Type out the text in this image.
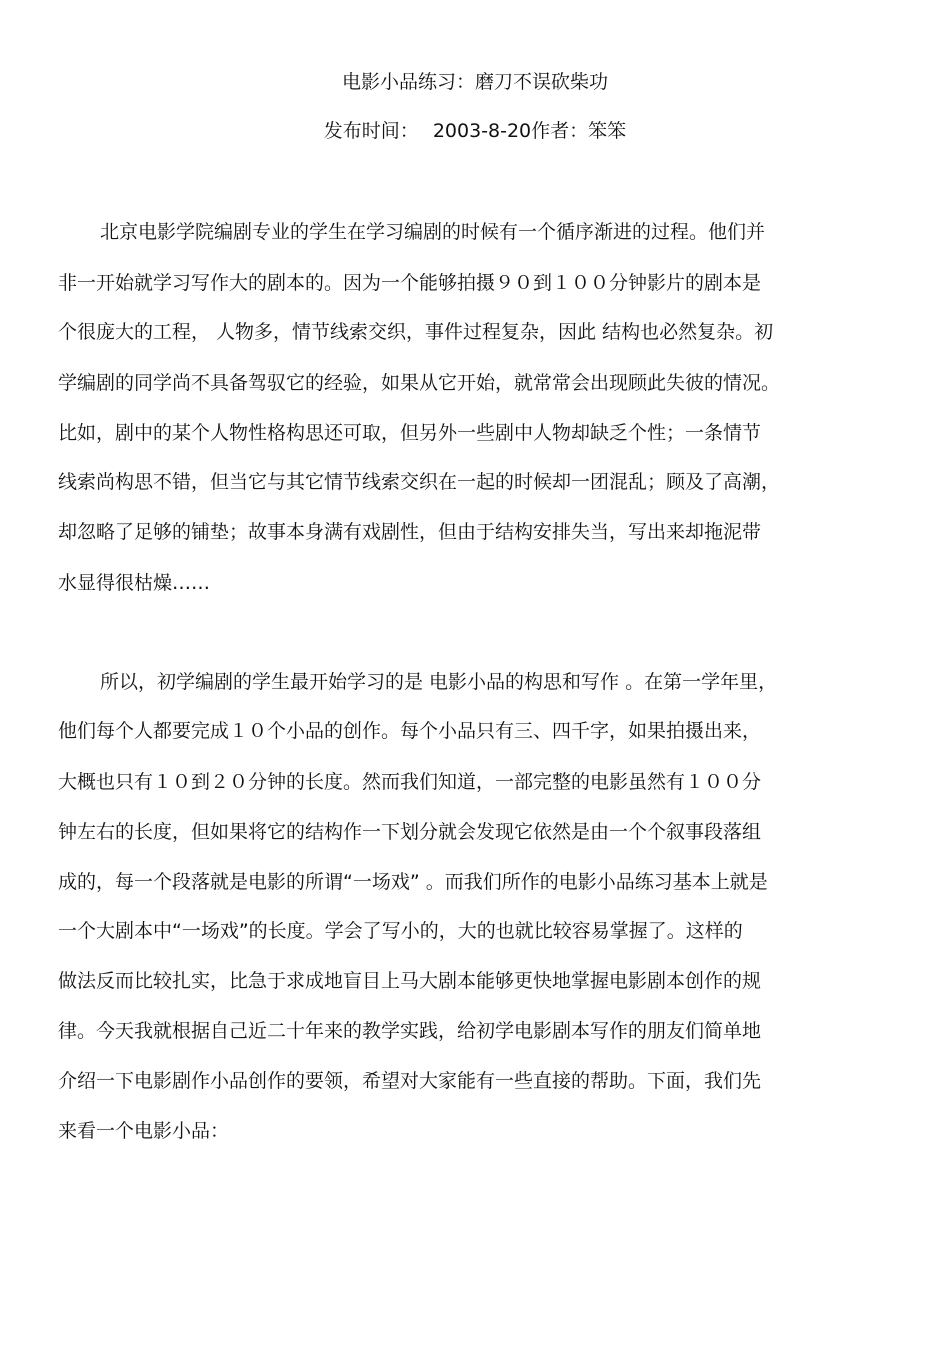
电影小品练习：磨刀不误砍柴功
发布时间： 2003-8-20作者：笨笨
北京电影学院编剧专业的学生在学习编剧的时候有一个循序渐进的过程。他们并
非一开始就学习写作大的剧本的。因为一个能够拍摄９０到１００分钟影片的剧本是
个很庞大的工程， 人物多，情节线索交织，事件过程复杂，因此 结构也必然复杂。初
学编剧的同学尚不具备驾驭它的经验，如果从它开始，就常常会出现顾此失彼的情况。
比如，剧中的某个人物性格构思还可取，但另外一些剧中人物却缺乏个性；一条情节
线索尚构思不错，但当它与其它情节线索交织在一起的时候却一团混乱；顾及了高潮，
却忽略了足够的铺垫；故事本身满有戏剧性，但由于结构安排失当，写出来却拖泥带
水显得很枯燥……
所以，初学编剧的学生最开始学习的是 电影小品的构思和写作 。在第一学年里，
他们每个人都要完成１０个小品的创作。每个小品只有三、四千字，如果拍摄出来，
大概也只有１０到２０分钟的长度。然而我们知道，一部完整的电影虽然有１００分
钟左右的长度，但如果将它的结构作一下划分就会发现它依然是由一个个叙事段落组
成的，每一个段落就是电影的所谓“一场戏” 。而我们所作的电影小品练习基本上就是
一个大剧本中“一场戏”的长度。学会了写小的，大的也就比较容易掌握了。这样的
做法反而比较扎实，比急于求成地盲目上马大剧本能够更快地掌握电影剧本创作的规
律。今天我就根据自己近二十年来的教学实践，给初学电影剧本写作的朋友们简单地
介绍一下电影剧作小品创作的要领，希望对大家能有一些直接的帮助。下面，我们先
来看一个电影小品：
